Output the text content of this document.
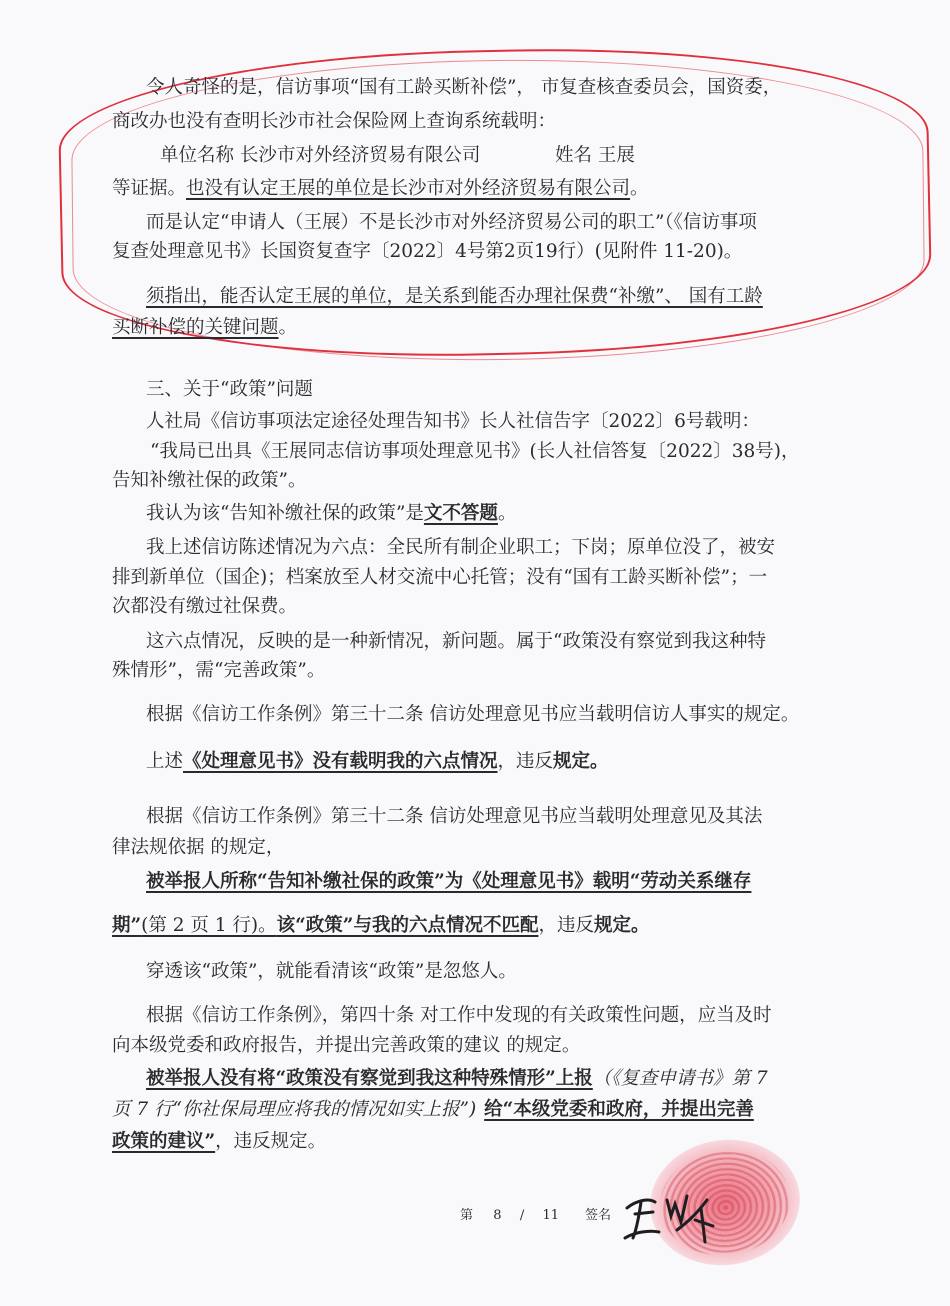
令人奇怪的是，信访事项“国有工龄买断补偿”， 市复查核查委员会，国资委，
商改办也没有查明长沙市社会保险网上查询系统载明：
单位名称 长沙市对外经济贸易有限公司	姓名 王展
等证据。也没有认定王展的单位是长沙市对外经济贸易有限公司。
而是认定“申请人（王展）不是长沙市对外经济贸易公司的职工”（《信访事项
复查处理意见书》长国资复查字〔2022〕4号第2页19行）(见附件 11-20)。
须指出，能否认定王展的单位，是关系到能否办理社保费“补缴”、 国有工龄
买断补偿的关键问题。
三、关于“政策”问题
人社局《信访事项法定途径处理告知书》长人社信告字〔2022〕6号载明：
“我局已出具《王展同志信访事项处理意见书》(长人社信答复〔2022〕38号)，
告知补缴社保的政策”。
我认为该“告知补缴社保的政策”是文不答题。
我上述信访陈述情况为六点：全民所有制企业职工；下岗；原单位没了，被安
排到新单位（国企)；档案放至人材交流中心托管；没有“国有工龄买断补偿”；一
次都没有缴过社保费。
这六点情况，反映的是一种新情况，新问题。属于“政策没有察觉到我这种特
殊情形”，需“完善政策”。
根据《信访工作条例》第三十二条 信访处理意见书应当载明信访人事实的规定。
上述《处理意见书》没有载明我的六点情况，违反规定。
根据《信访工作条例》第三十二条 信访处理意见书应当载明处理意见及其法
律法规依据 的规定，
被举报人所称“告知补缴社保的政策”为《处理意见书》载明“劳动关系继存
期”(第 2 页 1 行)。该“政策”与我的六点情况不匹配，违反规定。
穿透该“政策”，就能看清该“政策”是忽悠人。
根据《信访工作条例》，第四十条 对工作中发现的有关政策性问题，应当及时
向本级党委和政府报告，并提出完善政策的建议 的规定。
被举报人没有将“政策没有察觉到我这种特殊情形”上报（《复查申请书》第 7
页 7 行“你社保局理应将我的情况如实上报”) 给“本级党委和政府，并提出完善
政策的建议”，违反规定。
第 8 / 11 签名
